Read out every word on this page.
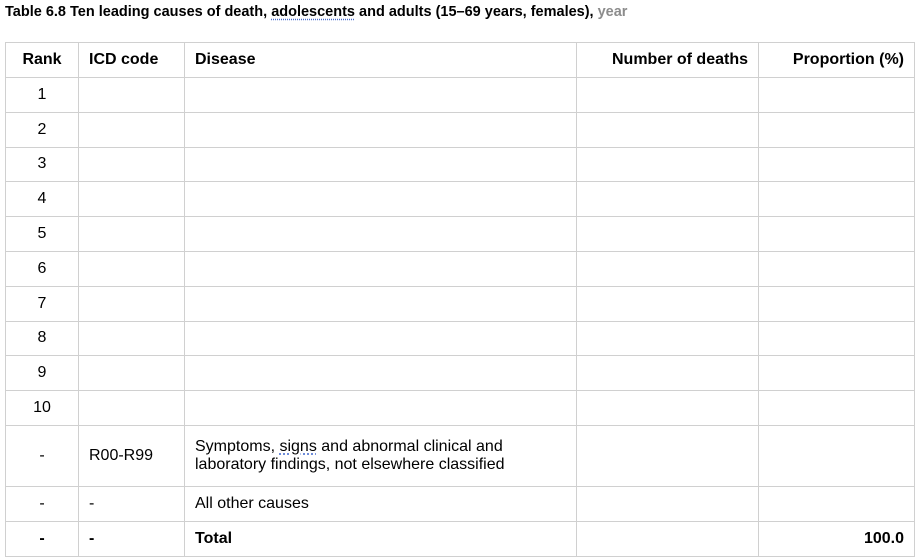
Table 6.8 Ten leading causes of death, adolescents and adults (15–69 years, females), year
Rank	ICD code	Disease	Number of deaths	Proportion (%)
1				
2				
3				
4				
5				
6				
7				
8				
9				
10				
-	R00-R99	Symptoms, signs and abnormal clinical and
laboratory findings, not elsewhere classified		
-	-	All other causes		
-	-	Total		100.0
